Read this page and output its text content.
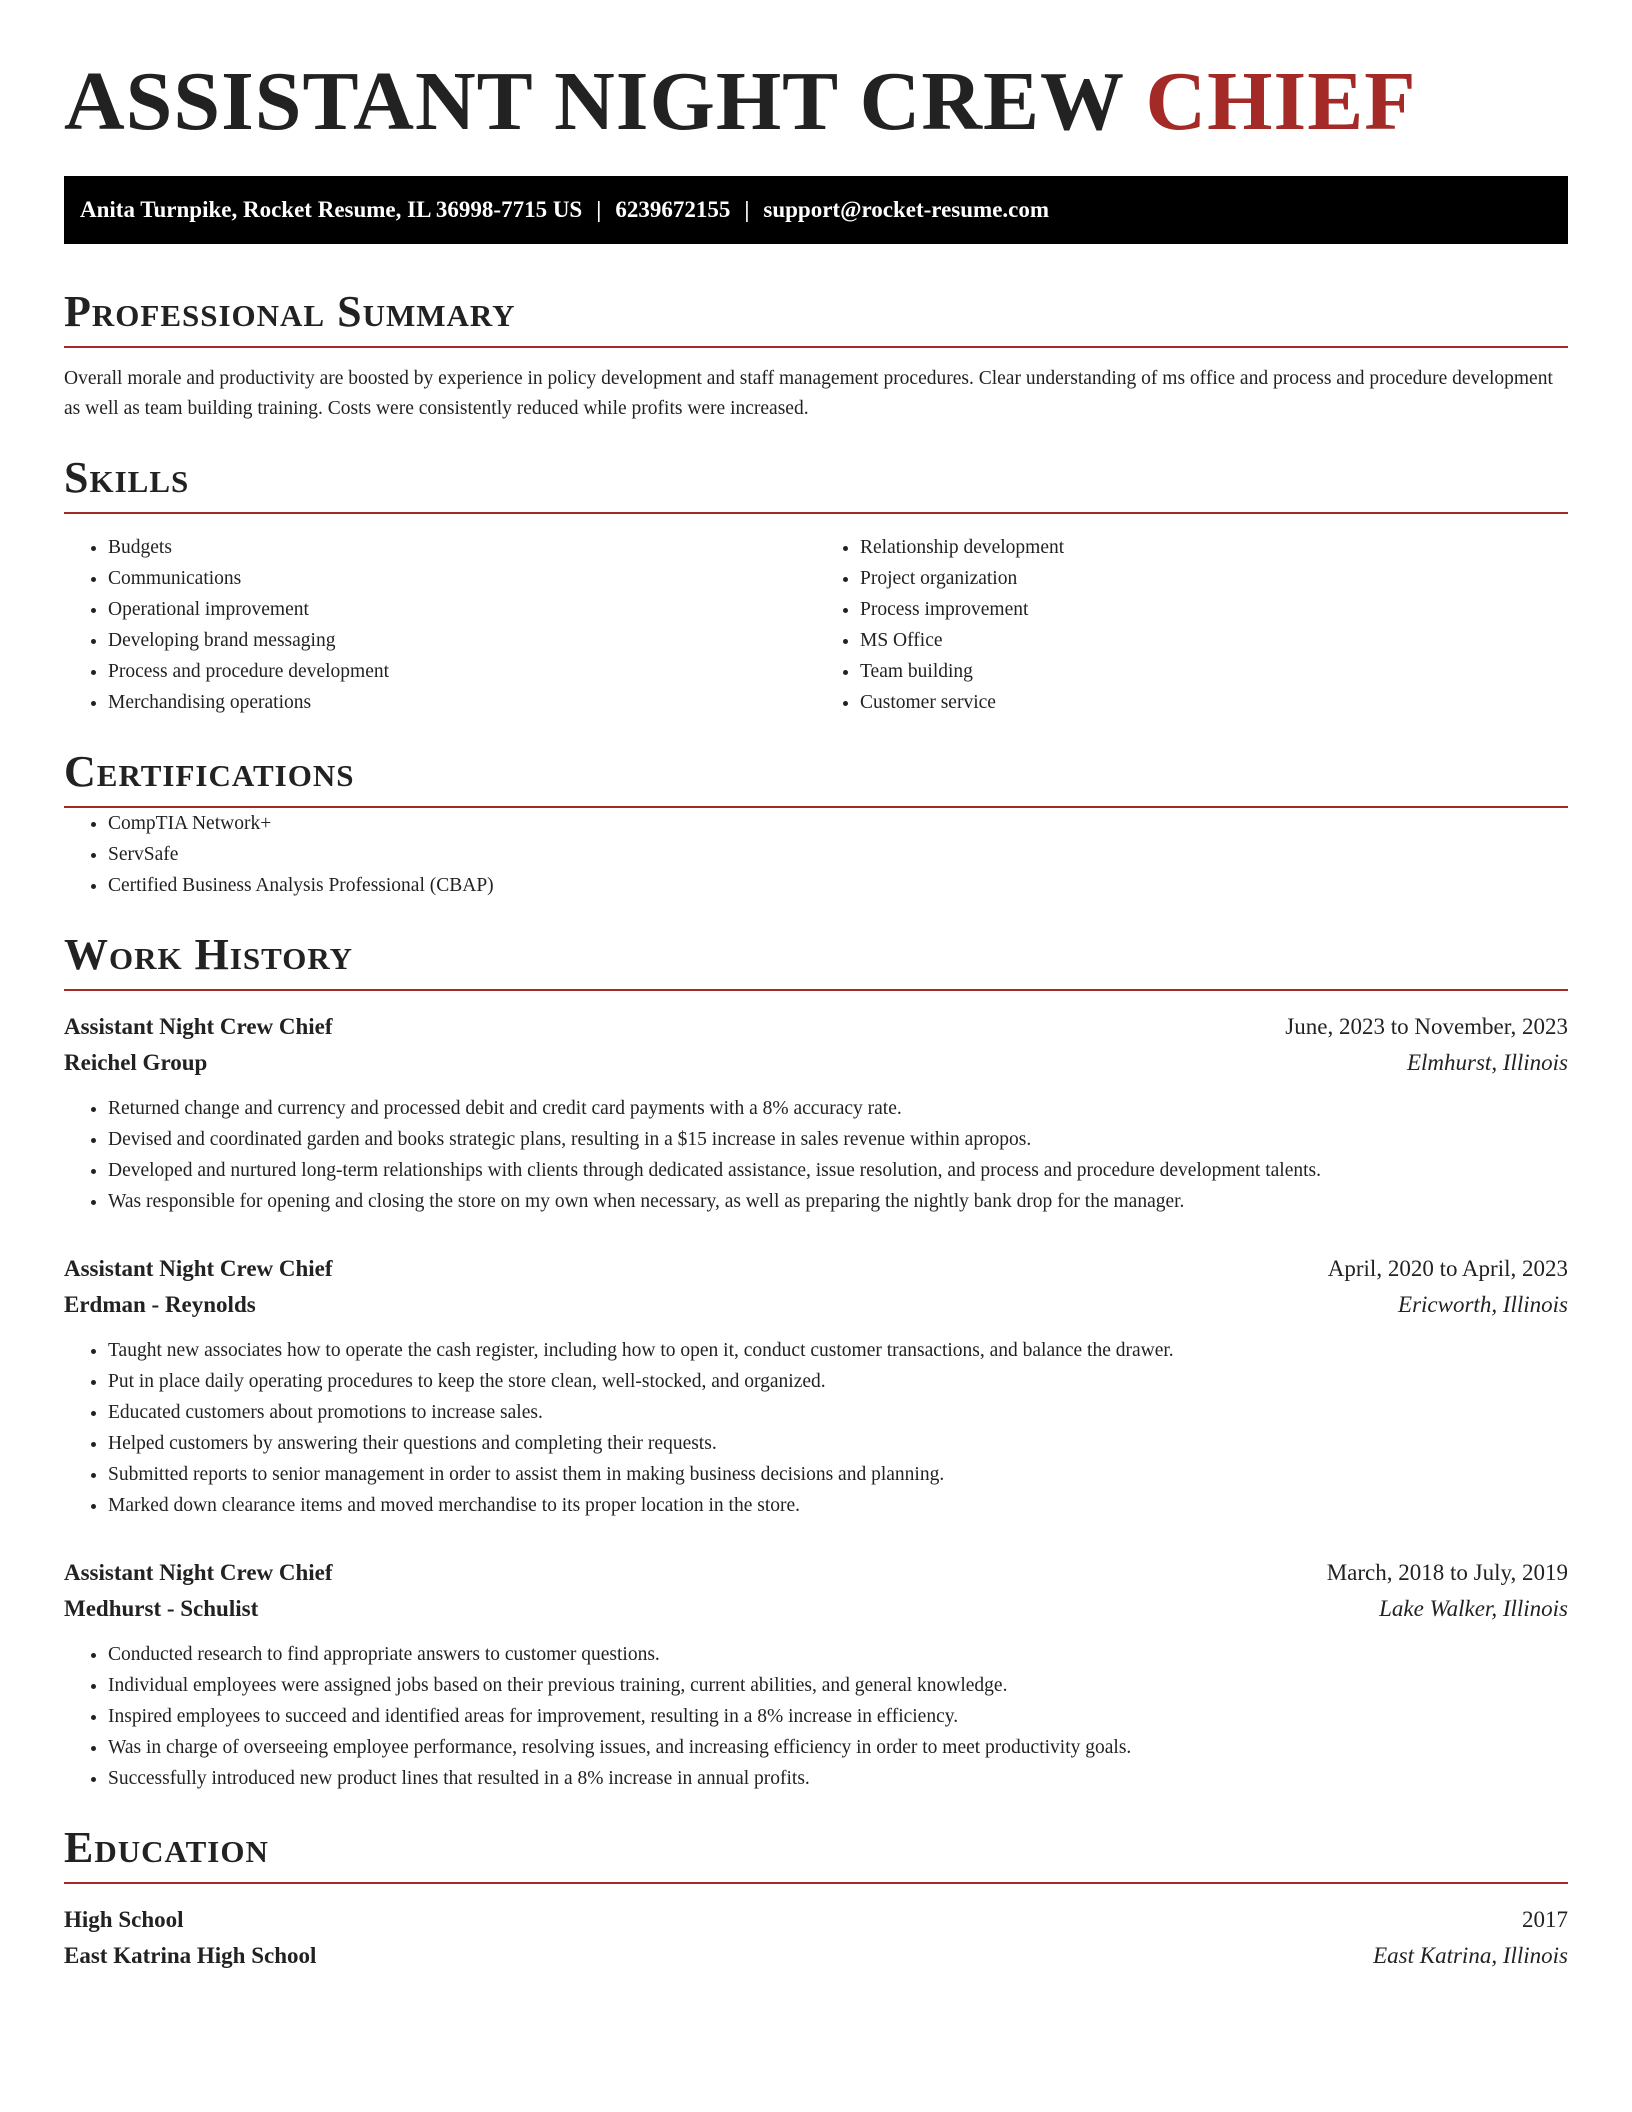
ASSISTANT NIGHT CREW CHIEF
Anita Turnpike, Rocket Resume, IL 36998-7715 US | 6239672155 | support@rocket-resume.com
Professional Summary
Overall morale and productivity are boosted by experience in policy development and staff management procedures. Clear understanding of ms office and process and procedure development as well as team building training. Costs were consistently reduced while profits were increased.
Skills
• Budgets
• Communications
• Operational improvement
• Developing brand messaging
• Process and procedure development
• Merchandising operations
• Relationship development
• Project organization
• Process improvement
• MS Office
• Team building
• Customer service
Certifications
• CompTIA Network+
• ServSafe
• Certified Business Analysis Professional (CBAP)
Work History
Assistant Night Crew Chief	June, 2023 to November, 2023
Reichel Group	Elmhurst, Illinois
• Returned change and currency and processed debit and credit card payments with a 8% accuracy rate.
• Devised and coordinated garden and books strategic plans, resulting in a $15 increase in sales revenue within apropos.
• Developed and nurtured long-term relationships with clients through dedicated assistance, issue resolution, and process and procedure development talents.
• Was responsible for opening and closing the store on my own when necessary, as well as preparing the nightly bank drop for the manager.
Assistant Night Crew Chief	April, 2020 to April, 2023
Erdman - Reynolds	Ericworth, Illinois
• Taught new associates how to operate the cash register, including how to open it, conduct customer transactions, and balance the drawer.
• Put in place daily operating procedures to keep the store clean, well-stocked, and organized.
• Educated customers about promotions to increase sales.
• Helped customers by answering their questions and completing their requests.
• Submitted reports to senior management in order to assist them in making business decisions and planning.
• Marked down clearance items and moved merchandise to its proper location in the store.
Assistant Night Crew Chief	March, 2018 to July, 2019
Medhurst - Schulist	Lake Walker, Illinois
• Conducted research to find appropriate answers to customer questions.
• Individual employees were assigned jobs based on their previous training, current abilities, and general knowledge.
• Inspired employees to succeed and identified areas for improvement, resulting in a 8% increase in efficiency.
• Was in charge of overseeing employee performance, resolving issues, and increasing efficiency in order to meet productivity goals.
• Successfully introduced new product lines that resulted in a 8% increase in annual profits.
Education
High School	2017
East Katrina High School	East Katrina, Illinois
